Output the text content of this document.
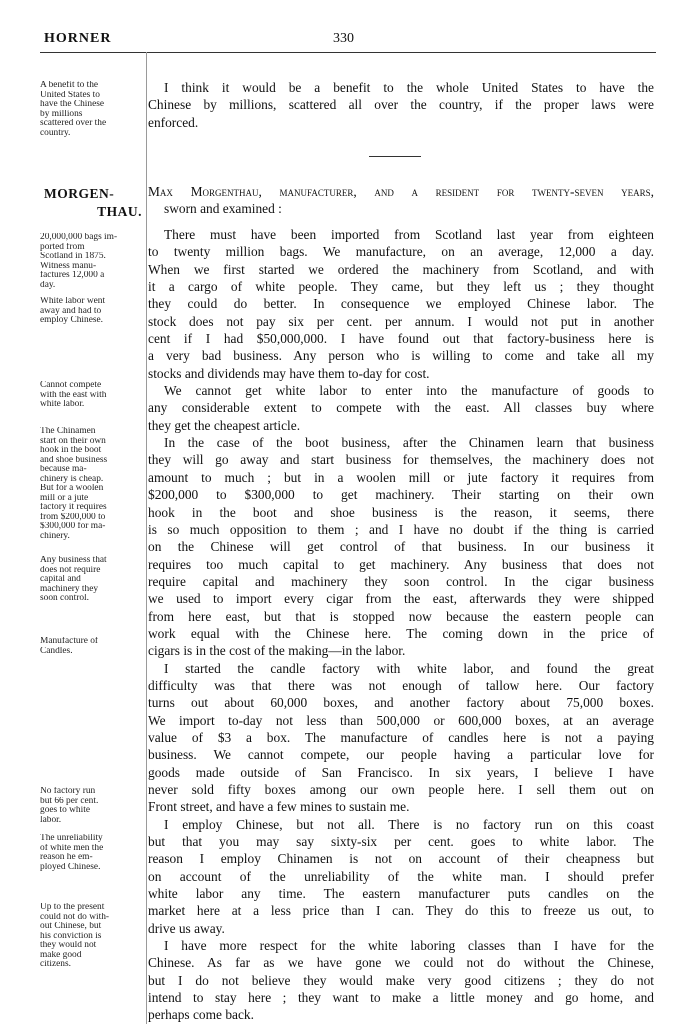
HORNER	330
A benefit to the
United States to
have the Chinese
by millions
scattered over the
country.
I think it would be a benefit to the whole United States to have the
Chinese by millions, scattered all over the country, if the proper laws were
enforced.
MORGEN-
THAU.
Max Morgenthau, manufacturer, and a resident for twenty-seven years,
sworn and examined :
20,000,000 bags im-
ported from
Scotland in 1875.
Witness manu-
factures 12,000 a
day.
White labor went
away and had to
employ Chinese.
Cannot compete
with the east with
white labor.
The Chinamen
start on their own
hook in the boot
and shoe business
because ma-
chinery is cheap.
But for a woolen
mill or a jute
factory it requires
from $200,000 to
$300,000 for ma-
chinery.
Any business that
does not require
capital and
machinery they
soon control.
Manufacture of
Candles.
No factory run
but 66 per cent.
goes to white
labor.
The unreliability
of white men the
reason he em-
ployed Chinese.
Up to the present
could not do with-
out Chinese, but
his conviction is
they would not
make good
citizens.
There must have been imported from Scotland last year from eighteen
to twenty million bags. We manufacture, on an average, 12,000 a day.
When we first started we ordered the machinery from Scotland, and with
it a cargo of white people. They came, but they left us ; they thought
they could do better. In consequence we employed Chinese labor. The
stock does not pay six per cent. per annum. I would not put in another
cent if I had $50,000,000. I have found out that factory-business here is
a very bad business. Any person who is willing to come and take all my
stocks and dividends may have them to-day for cost.
We cannot get white labor to enter into the manufacture of goods to
any considerable extent to compete with the east. All classes buy where
they get the cheapest article.
In the case of the boot business, after the Chinamen learn that business
they will go away and start business for themselves, the machinery does not
amount to much ; but in a woolen mill or jute factory it requires from
$200,000 to $300,000 to get machinery. Their starting on their own
hook in the boot and shoe business is the reason, it seems, there
is so much opposition to them ; and I have no doubt if the thing is carried
on the Chinese will get control of that business. In our business it
requires too much capital to get machinery. Any business that does not
require capital and machinery they soon control. In the cigar business
we used to import every cigar from the east, afterwards they were shipped
from here east, but that is stopped now because the eastern people can
work equal with the Chinese here. The coming down in the price of
cigars is in the cost of the making—in the labor.
I started the candle factory with white labor, and found the great
difficulty was that there was not enough of tallow here. Our factory
turns out about 60,000 boxes, and another factory about 75,000 boxes.
We import to-day not less than 500,000 or 600,000 boxes, at an average
value of $3 a box. The manufacture of candles here is not a paying
business. We cannot compete, our people having a particular love for
goods made outside of San Francisco. In six years, I believe I have
never sold fifty boxes among our own people here. I sell them out on
Front street, and have a few mines to sustain me.
I employ Chinese, but not all. There is no factory run on this coast
but that you may say sixty-six per cent. goes to white labor. The
reason I employ Chinamen is not on account of their cheapness but
on account of the unreliability of the white man. I should prefer
white labor any time. The eastern manufacturer puts candles on the
market here at a less price than I can. They do this to freeze us out, to
drive us away.
I have more respect for the white laboring classes than I have for the
Chinese. As far as we have gone we could not do without the Chinese,
but I do not believe they would make very good citizens ; they do not
intend to stay here ; they want to make a little money and go home, and
perhaps come back.
